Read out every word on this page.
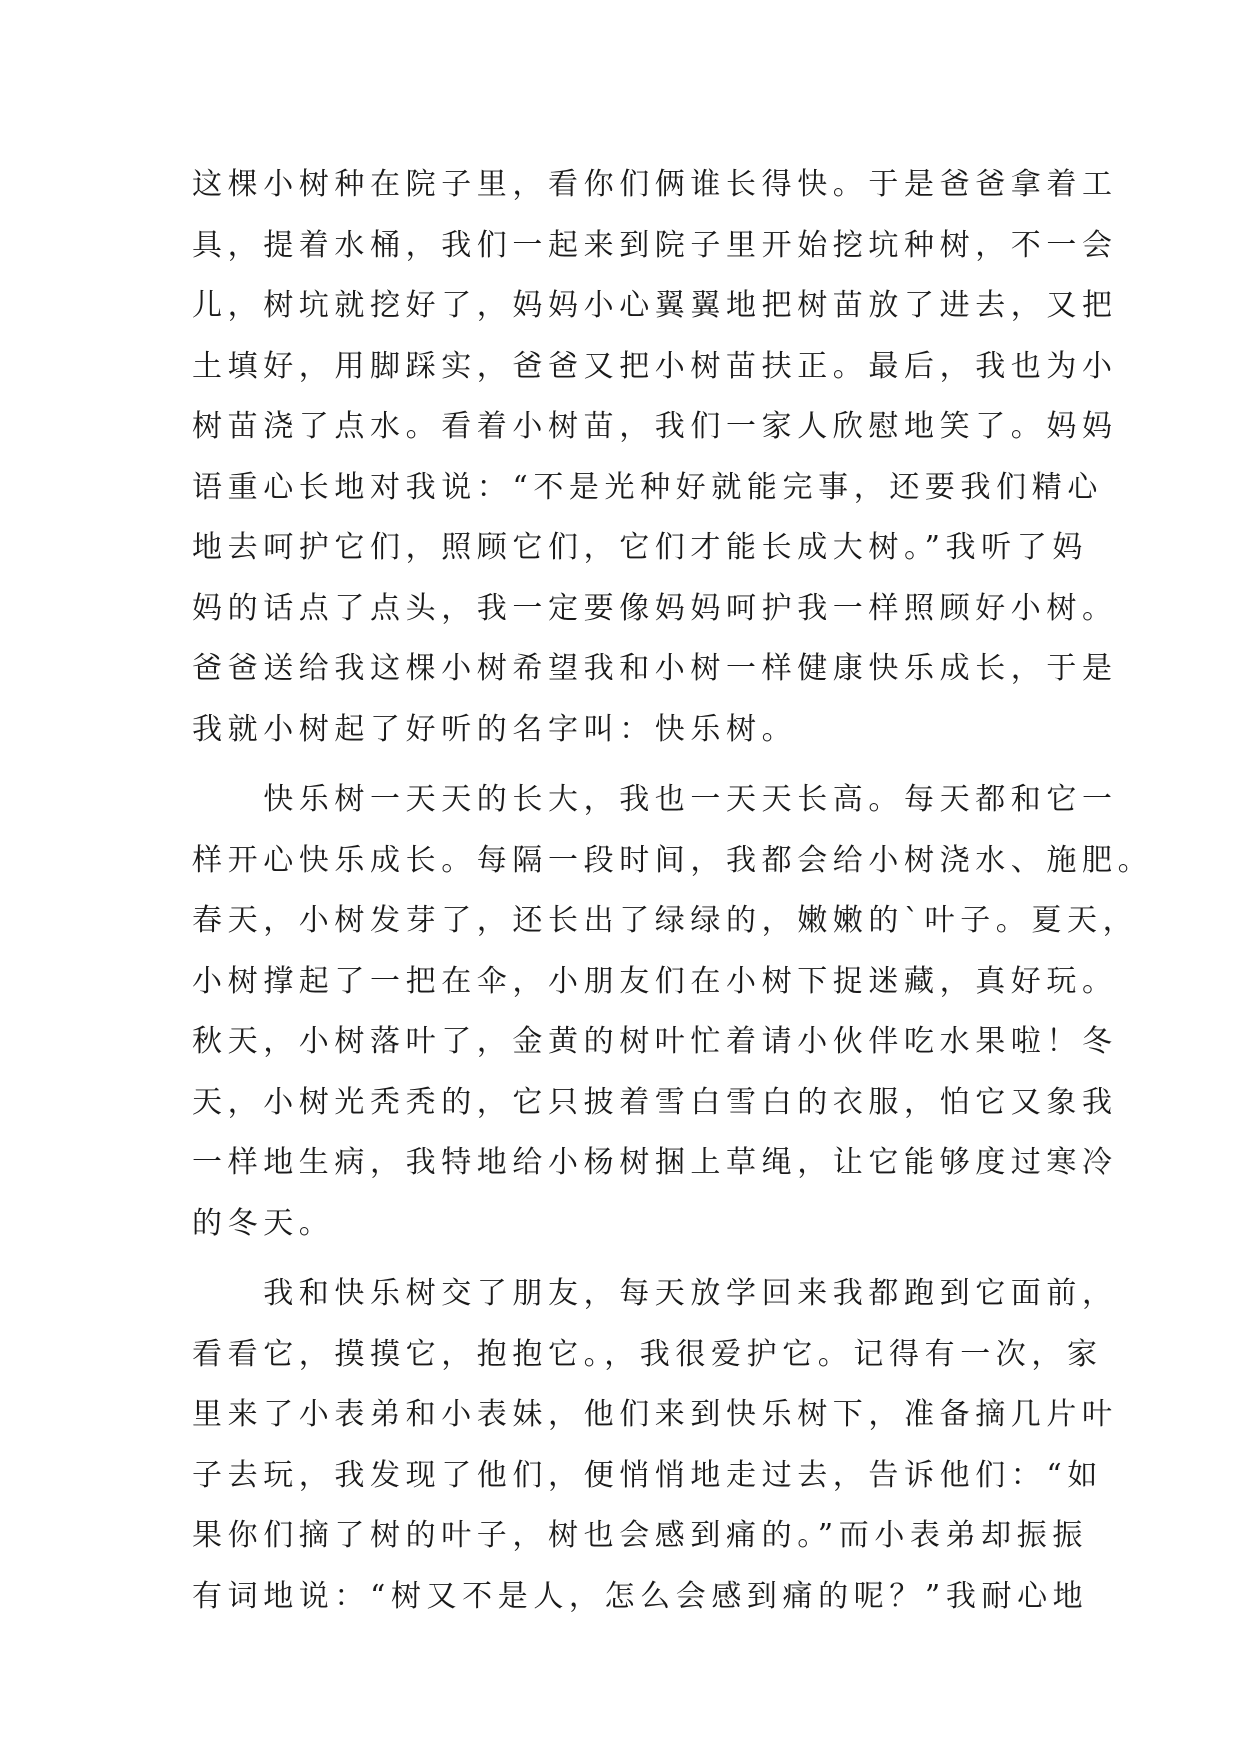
这棵小树种在院子里，看你们俩谁长得快。于是爸爸拿着工
具，提着水桶，我们一起来到院子里开始挖坑种树，不一会
儿，树坑就挖好了，妈妈小心翼翼地把树苗放了进去，又把
土填好，用脚踩实，爸爸又把小树苗扶正。最后，我也为小
树苗浇了点水。看着小树苗，我们一家人欣慰地笑了。妈妈
语重心长地对我说：“不是光种好就能完事，还要我们精心
地去呵护它们，照顾它们，它们才能长成大树。”我听了妈
妈的话点了点头，我一定要像妈妈呵护我一样照顾好小树。
爸爸送给我这棵小树希望我和小树一样健康快乐成长，于是
我就小树起了好听的名字叫：快乐树。
　　快乐树一天天的长大，我也一天天长高。每天都和它一
样开心快乐成长。每隔一段时间，我都会给小树浇水、施肥。
春天，小树发芽了，还长出了绿绿的，嫩嫩的`叶子。夏天，
小树撑起了一把在伞，小朋友们在小树下捉迷藏，真好玩。
秋天，小树落叶了，金黄的树叶忙着请小伙伴吃水果啦！冬
天，小树光秃秃的，它只披着雪白雪白的衣服，怕它又象我
一样地生病，我特地给小杨树捆上草绳，让它能够度过寒冷
的冬天。
　　我和快乐树交了朋友，每天放学回来我都跑到它面前，
看看它，摸摸它，抱抱它。，我很爱护它。记得有一次，家
里来了小表弟和小表妹，他们来到快乐树下，准备摘几片叶
子去玩，我发现了他们，便悄悄地走过去，告诉他们：“如
果你们摘了树的叶子，树也会感到痛的。”而小表弟却振振
有词地说：“树又不是人，怎么会感到痛的呢？”我耐心地
